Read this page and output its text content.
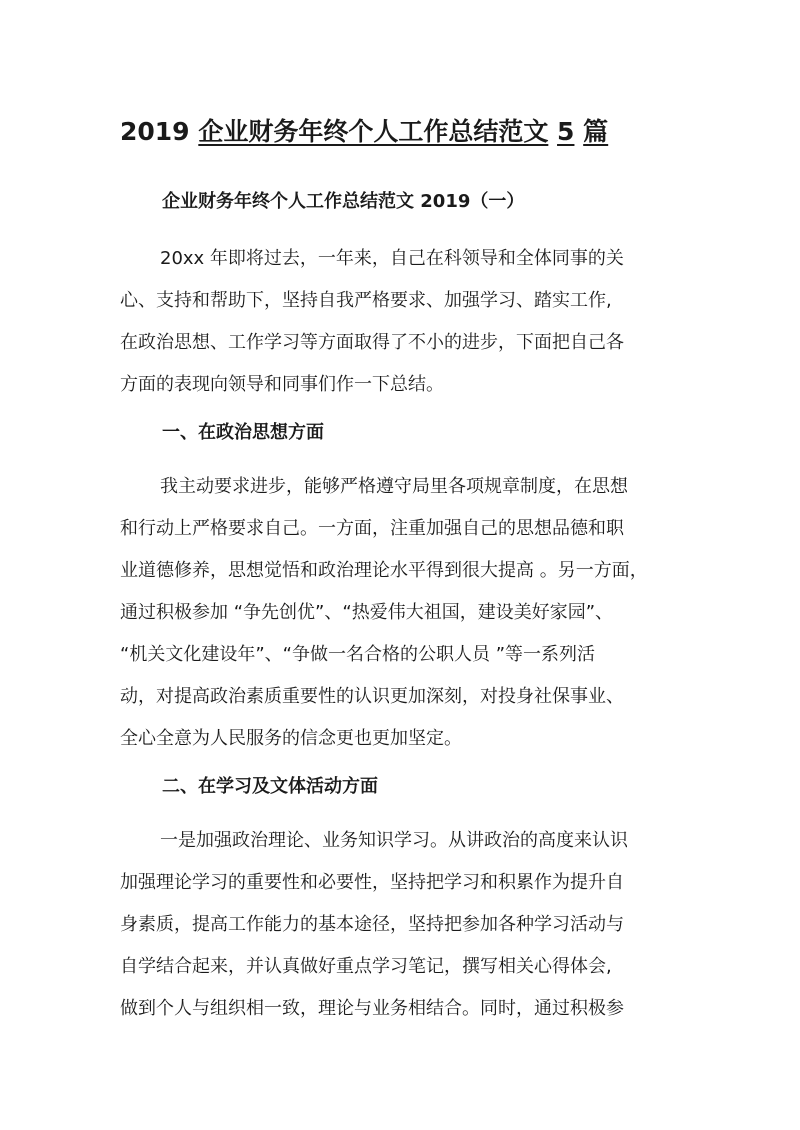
2019 企业财务年终个人工作总结范文 5 篇
企业财务年终个人工作总结范文 2019（一）
20xx 年即将过去，一年来，自己在科领导和全体同事的关
心、支持和帮助下，坚持自我严格要求、加强学习、踏实工作,
在政治思想、工作学习等方面取得了不小的进步，下面把自己各
方面的表现向领导和同事们作一下总结。
一、在政治思想方面
我主动要求进步，能够严格遵守局里各项规章制度，在思想
和行动上严格要求自己。一方面，注重加强自己的思想品德和职
业道德修养，思想觉悟和政治理论水平得到很大提高 。另一方面，
通过积极参加 “争先创优”、“热爱伟大祖国，建设美好家园”、
“机关文化建设年”、“争做一名合格的公职人员 ”等一系列活
动，对提高政治素质重要性的认识更加深刻，对投身社保事业、
全心全意为人民服务的信念更也更加坚定。
二、在学习及文体活动方面
一是加强政治理论、业务知识学习。从讲政治的高度来认识
加强理论学习的重要性和必要性，坚持把学习和积累作为提升自
身素质，提高工作能力的基本途径，坚持把参加各种学习活动与
自学结合起来，并认真做好重点学习笔记，撰写相关心得体会,
做到个人与组织相一致，理论与业务相结合。同时，通过积极参
